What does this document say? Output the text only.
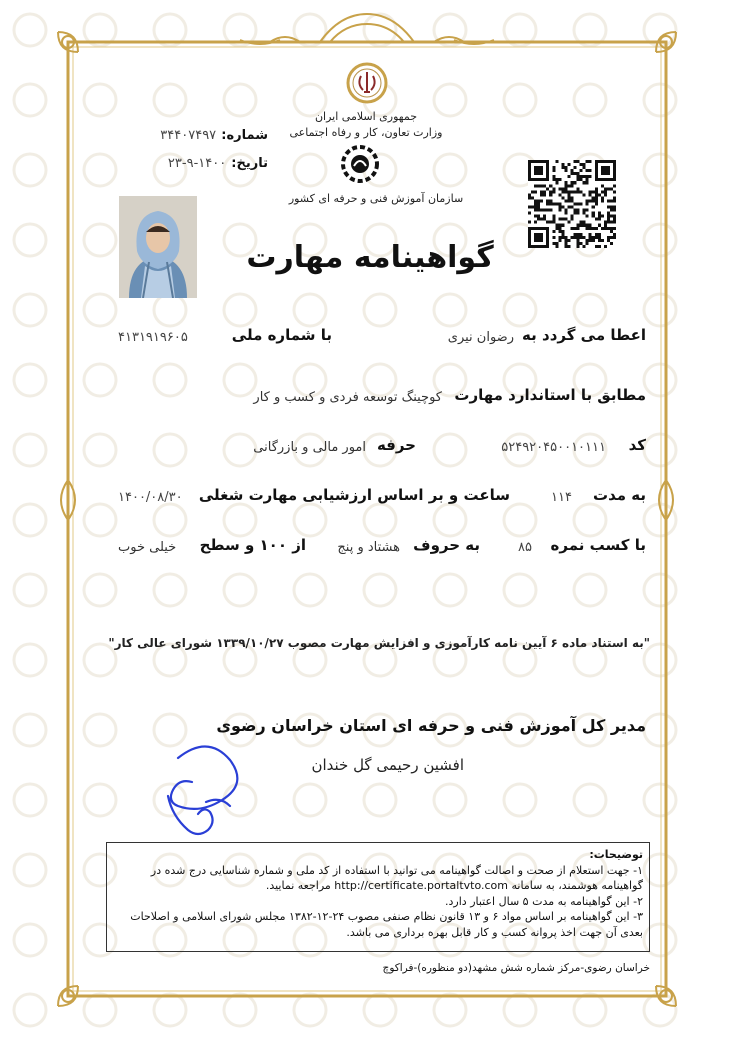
جمهوری اسلامی ایران
وزارت تعاون، کار و رفاه اجتماعی
سازمان آموزش فنی و حرفه ای کشور
شماره: ۳۴۴۰۷۴۹۷
تاریخ: ۱۴۰۰-۹-۲۳
گواهینامه مهارت
اعطا می گردد به
رضوان نیری
با شماره ملی
۴۱۳۱۹۱۹۶۰۵
مطابق با استاندارد مهارت
کوچینگ توسعه فردی و کسب و کار
کد
۵۲۴۹۲۰۴۵۰۰۱۰۱۱۱
حرفه
امور مالی و بازرگانی
به مدت
۱۱۴
ساعت و بر اساس ارزشیابی مهارت شغلی
۱۴۰۰/۰۸/۳۰
با کسب نمره
۸۵
به حروف
هشتاد و پنج
از ۱۰۰ و سطح
خیلی خوب
"به استناد ماده ۶ آیین نامه کارآموزی و افزایش مهارت مصوب ۱۳۳۹/۱۰/۲۷ شورای عالی کار"
مدیر کل آموزش فنی و حرفه ای استان خراسان رضوی
افشین رحیمی گل خندان
توضیحات:
۱- جهت استعلام از صحت و اصالت گواهینامه می توانید با استفاده از کد ملی و شماره شناسایی درج شده در گواهینامه هوشمند، به سامانه http://certificate.portaltvto.com مراجعه نمایید.
۲- این گواهینامه به مدت ۵ سال اعتبار دارد.
۳- این گواهینامه بر اساس مواد ۶ و ۱۳ قانون نظام صنفی مصوب ۲۴-۱۲-۱۳۸۲ مجلس شورای اسلامی و اصلاحات بعدی آن جهت اخذ پروانه کسب و کار قابل بهره برداری می باشد.
خراسان رضوی-مرکز شماره شش مشهد(دو منظوره)-فراکوچ
